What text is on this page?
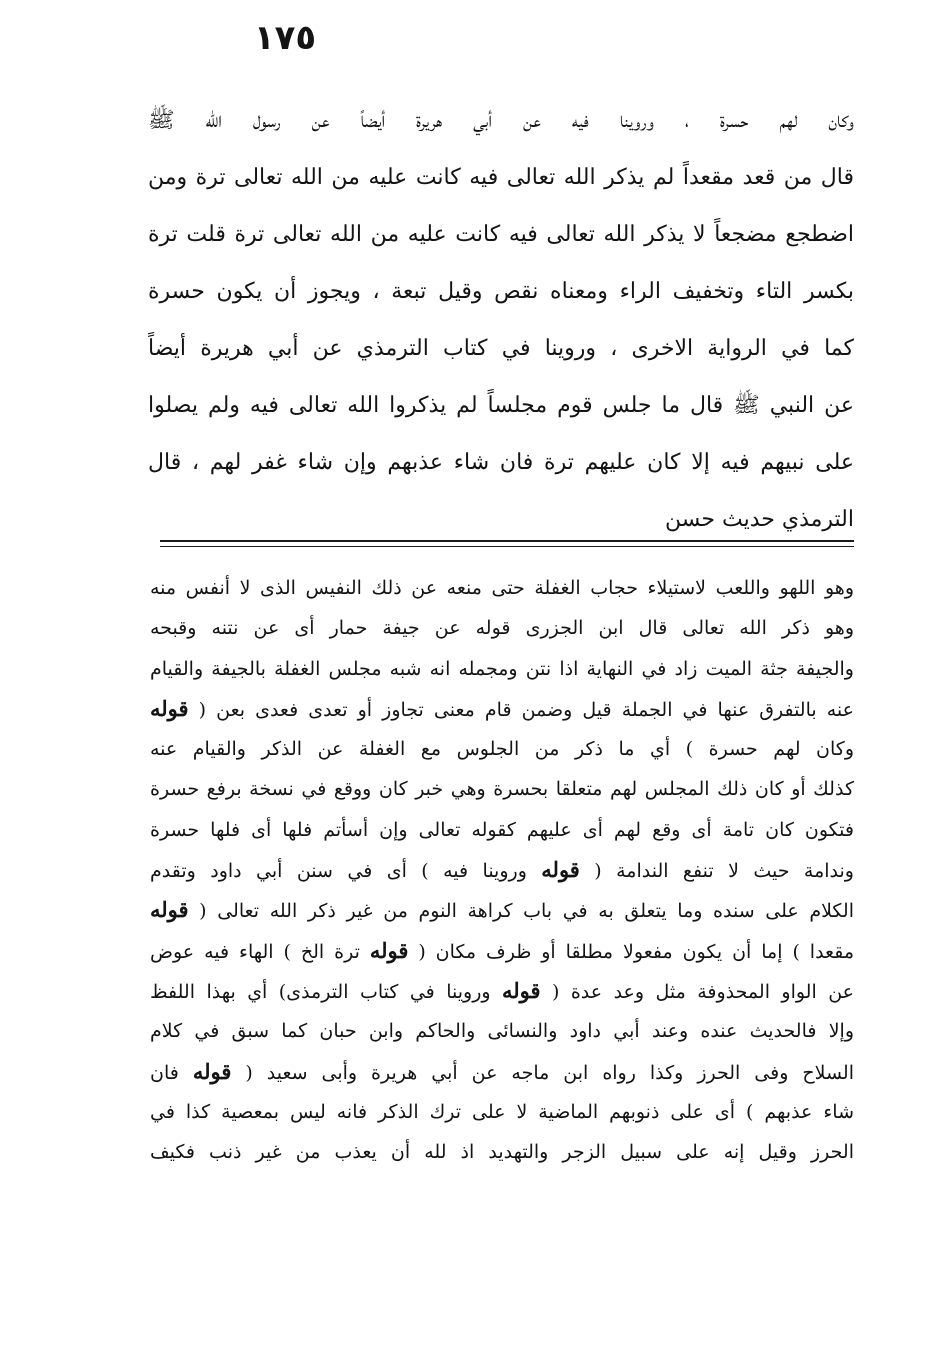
١٧٥
وكان لهم حسرة ، وروينا فيه عن أبي هريرة أيضاً عن رسول الله ﷺ
قال من قعد مقعداً لم يذكر الله تعالى فيه كانت عليه من الله تعالى ترة ومن
اضطجع مضجعاً لا يذكر الله تعالى فيه كانت عليه من الله تعالى ترة قلت ترة
بكسر التاء وتخفيف الراء ومعناه نقص وقيل تبعة ، ويجوز أن يكون حسرة
كما في الرواية الاخرى ، وروينا في كتاب الترمذي عن أبي هريرة أيضاً
عن النبي ﷺ قال ما جلس قوم مجلساً لم يذكروا الله تعالى فيه ولم يصلوا
على نبيهم فيه إلا كان عليهم ترة فان شاء عذبهم وإن شاء غفر لهم ، قال
الترمذي حديث حسن
وهو اللهو واللعب لاستيلاء حجاب الغفلة حتى منعه عن ذلك النفيس الذى لا أنفس منه
وهو ذكر الله تعالى قال ابن الجزرى قوله عن جيفة حمار أى عن نتنه وقبحه
والجيفة جثة الميت زاد في النهاية اذا نتن ومجمله انه شبه مجلس الغفلة بالجيفة والقيام
عنه بالتفرق عنها في الجملة قيل وضمن قام معنى تجاوز أو تعدى فعدى بعن ( قوله
وكان لهم حسرة ) أي ما ذكر من الجلوس مع الغفلة عن الذكر والقيام عنه
كذلك أو كان ذلك المجلس لهم متعلقا بحسرة وهي خبر كان ووقع في نسخة برفع حسرة
فتكون كان تامة أى وقع لهم أى عليهم كقوله تعالى وإن أسأتم فلها أى فلها حسرة
وندامة حيث لا تنفع الندامة ( قوله وروينا فيه ) أى في سنن أبي داود وتقدم
الكلام على سنده وما يتعلق به في باب كراهة النوم من غير ذكر الله تعالى ( قوله
مقعدا ) إما أن يكون مفعولا مطلقا أو ظرف مكان ( قوله ترة الخ ) الهاء فيه عوض
عن الواو المحذوفة مثل وعد عدة ( قوله وروينا في كتاب الترمذى) أي بهذا اللفظ
وإلا فالحديث عنده وعند أبي داود والنسائى والحاكم وابن حبان كما سبق في كلام
السلاح وفى الحرز وكذا رواه ابن ماجه عن أبي هريرة وأبى سعيد ( قوله فان
شاء عذبهم ) أى على ذنوبهم الماضية لا على ترك الذكر فانه ليس بمعصية كذا في
الحرز وقيل إنه على سبيل الزجر والتهديد اذ لله أن يعذب من غير ذنب فكيف
